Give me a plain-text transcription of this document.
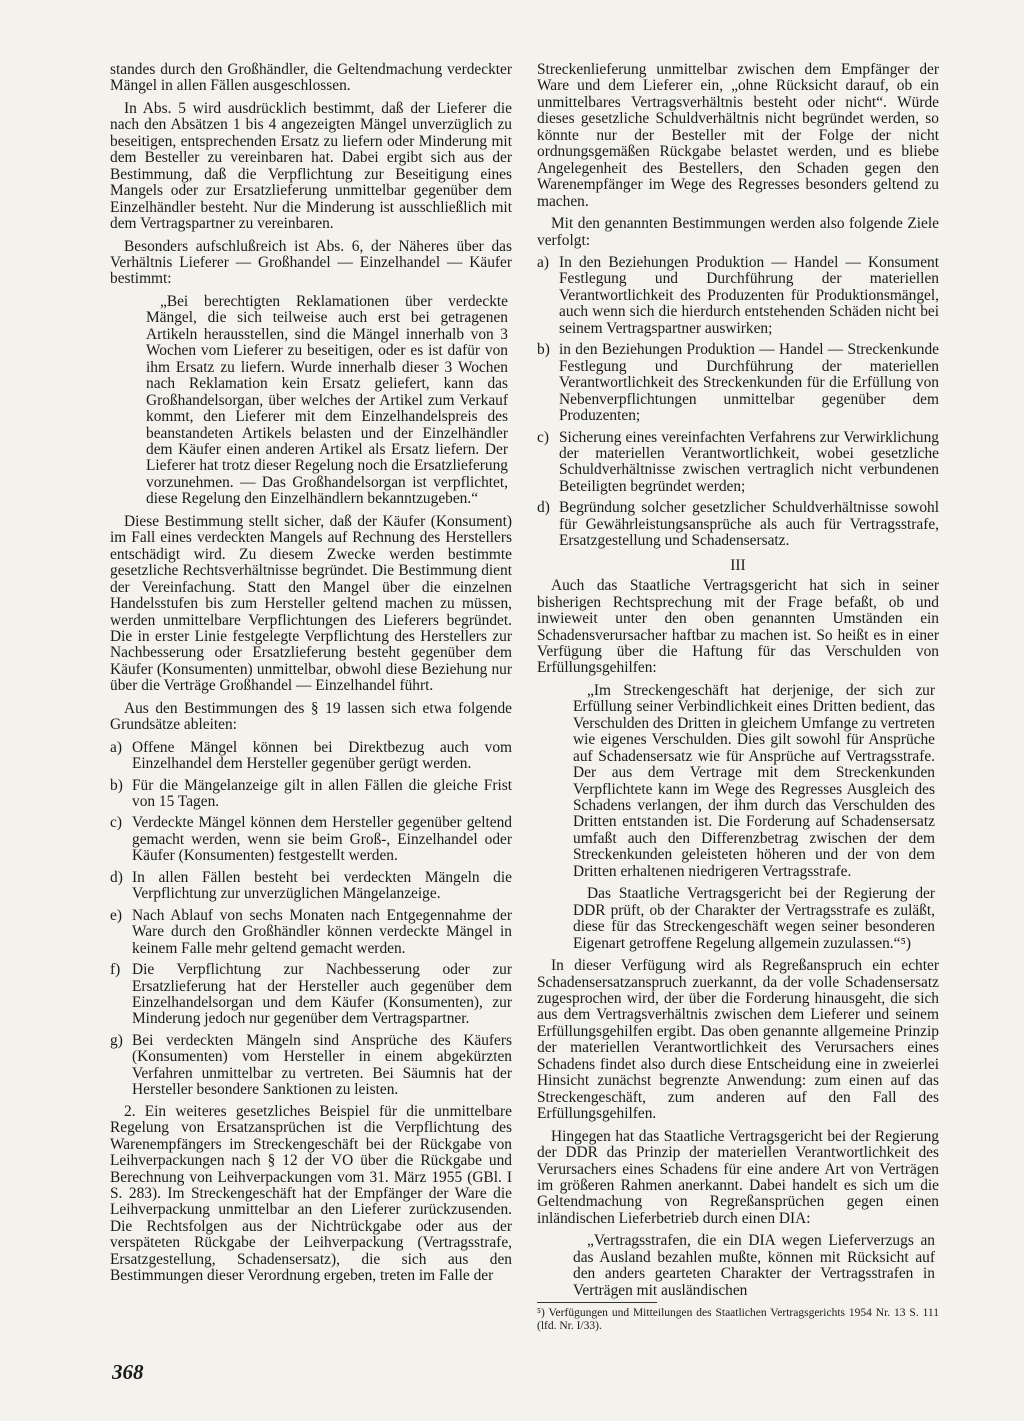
standes durch den Großhändler, die Geltendmachung verdeckter Mängel in allen Fällen ausgeschlossen.

In Abs. 5 wird ausdrücklich bestimmt, daß der Lieferer die nach den Absätzen 1 bis 4 angezeigten Mängel unverzüglich zu beseitigen, entsprechenden Ersatz zu liefern oder Minderung mit dem Besteller zu vereinbaren hat. Dabei ergibt sich aus der Bestimmung, daß die Verpflichtung zur Beseitigung eines Mangels oder zur Ersatzlieferung unmittelbar gegenüber dem Einzelhändler besteht. Nur die Minderung ist ausschließlich mit dem Vertragspartner zu vereinbaren.

Besonders aufschlußreich ist Abs. 6, der Näheres über das Verhältnis Lieferer — Großhandel — Einzelhandel — Käufer bestimmt:

„Bei berechtigten Reklamationen über verdeckte Mängel, die sich teilweise auch erst bei getragenen Artikeln herausstellen, sind die Mängel innerhalb von 3 Wochen vom Lieferer zu beseitigen, oder es ist dafür von ihm Ersatz zu liefern. Wurde innerhalb dieser 3 Wochen nach Reklamation kein Ersatz geliefert, kann das Großhandelsorgan, über welches der Artikel zum Verkauf kommt, den Lieferer mit dem Einzelhandelspreis des beanstandeten Artikels belasten und der Einzelhändler dem Käufer einen anderen Artikel als Ersatz liefern. Der Lieferer hat trotz dieser Regelung noch die Ersatzlieferung vorzunehmen. — Das Großhandelsorgan ist verpflichtet, diese Regelung den Einzelhändlern bekanntzugeben.“

Diese Bestimmung stellt sicher, daß der Käufer (Konsument) im Fall eines verdeckten Mangels auf Rechnung des Herstellers entschädigt wird. Zu diesem Zwecke werden bestimmte gesetzliche Rechtsverhältnisse begründet. Die Bestimmung dient der Vereinfachung. Statt den Mangel über die einzelnen Handelsstufen bis zum Hersteller geltend machen zu müssen, werden unmittelbare Verpflichtungen des Lieferers begründet. Die in erster Linie festgelegte Verpflichtung des Herstellers zur Nachbesserung oder Ersatzlieferung besteht gegenüber dem Käufer (Konsumenten) unmittelbar, obwohl diese Beziehung nur über die Verträge Großhandel — Einzelhandel führt.

Aus den Bestimmungen des § 19 lassen sich etwa folgende Grundsätze ableiten:

a) Offene Mängel können bei Direktbezug auch vom Einzelhandel dem Hersteller gegenüber gerügt werden.
b) Für die Mängelanzeige gilt in allen Fällen die gleiche Frist von 15 Tagen.
c) Verdeckte Mängel können dem Hersteller gegenüber geltend gemacht werden, wenn sie beim Groß-, Einzelhandel oder Käufer (Konsumenten) festgestellt werden.
d) In allen Fällen besteht bei verdeckten Mängeln die Verpflichtung zur unverzüglichen Mängelanzeige.
e) Nach Ablauf von sechs Monaten nach Entgegennahme der Ware durch den Großhändler können verdeckte Mängel in keinem Falle mehr geltend gemacht werden.
f) Die Verpflichtung zur Nachbesserung oder zur Ersatzlieferung hat der Hersteller auch gegenüber dem Einzelhandelsorgan und dem Käufer (Konsumenten), zur Minderung jedoch nur gegenüber dem Vertragspartner.
g) Bei verdeckten Mängeln sind Ansprüche des Käufers (Konsumenten) vom Hersteller in einem abgekürzten Verfahren unmittelbar zu vertreten. Bei Säumnis hat der Hersteller besondere Sanktionen zu leisten.

2. Ein weiteres gesetzliches Beispiel für die unmittelbare Regelung von Ersatzansprüchen ist die Verpflichtung des Warenempfängers im Streckengeschäft bei der Rückgabe von Leihverpackungen nach § 12 der VO über die Rückgabe und Berechnung von Leihverpackungen vom 31. März 1955 (GBl. I S. 283). Im Streckengeschäft hat der Empfänger der Ware die Leihverpackung unmittelbar an den Lieferer zurückzusenden. Die Rechtsfolgen aus der Nichtrückgabe oder aus der verspäteten Rückgabe der Leihverpackung (Vertragsstrafe, Ersatzgestellung, Schadensersatz), die sich aus den Bestimmungen dieser Verordnung ergeben, treten im Falle der

Streckenlieferung unmittelbar zwischen dem Empfänger der Ware und dem Lieferer ein, „ohne Rücksicht darauf, ob ein unmittelbares Vertragsverhältnis besteht oder nicht“. Würde dieses gesetzliche Schuldverhältnis nicht begründet werden, so könnte nur der Besteller mit der Folge der nicht ordnungsgemäßen Rückgabe belastet werden, und es bliebe Angelegenheit des Bestellers, den Schaden gegen den Warenempfänger im Wege des Regresses besonders geltend zu machen.

Mit den genannten Bestimmungen werden also folgende Ziele verfolgt:

a) In den Beziehungen Produktion — Handel — Konsument Festlegung und Durchführung der materiellen Verantwortlichkeit des Produzenten für Produktionsmängel, auch wenn sich die hierdurch entstehenden Schäden nicht bei seinem Vertragspartner auswirken;
b) in den Beziehungen Produktion — Handel — Streckenkunde Festlegung und Durchführung der materiellen Verantwortlichkeit des Streckenkunden für die Erfüllung von Nebenverpflichtungen unmittelbar gegenüber dem Produzenten;
c) Sicherung eines vereinfachten Verfahrens zur Verwirklichung der materiellen Verantwortlichkeit, wobei gesetzliche Schuldverhältnisse zwischen vertraglich nicht verbundenen Beteiligten begründet werden;
d) Begründung solcher gesetzlicher Schuldverhältnisse sowohl für Gewährleistungsansprüche als auch für Vertragsstrafe, Ersatzgestellung und Schadensersatz.
III

Auch das Staatliche Vertragsgericht hat sich in seiner bisherigen Rechtsprechung mit der Frage befaßt, ob und inwieweit unter den oben genannten Umständen ein Schadensverursacher haftbar zu machen ist. So heißt es in einer Verfügung über die Haftung für das Verschulden von Erfüllungsgehilfen:

„Im Streckengeschäft hat derjenige, der sich zur Erfüllung seiner Verbindlichkeit eines Dritten bedient, das Verschulden des Dritten in gleichem Umfange zu vertreten wie eigenes Verschulden. Dies gilt sowohl für Ansprüche auf Schadensersatz wie für Ansprüche auf Vertragsstrafe. Der aus dem Vertrage mit dem Streckenkunden Verpflichtete kann im Wege des Regresses Ausgleich des Schadens verlangen, der ihm durch das Verschulden des Dritten entstanden ist. Die Forderung auf Schadensersatz umfaßt auch den Differenzbetrag zwischen der dem Streckenkunden geleisteten höheren und der von dem Dritten erhaltenen niedrigeren Vertragsstrafe.

Das Staatliche Vertragsgericht bei der Regierung der DDR prüft, ob der Charakter der Vertragsstrafe es zuläßt, diese für das Streckengeschäft wegen seiner besonderen Eigenart getroffene Regelung allgemein zuzulassen.“⁵)

In dieser Verfügung wird als Regreßanspruch ein echter Schadensersatzanspruch zuerkannt, da der volle Schadensersatz zugesprochen wird, der über die Forderung hinausgeht, die sich aus dem Vertragsverhältnis zwischen dem Lieferer und seinem Erfüllungsgehilfen ergibt. Das oben genannte allgemeine Prinzip der materiellen Verantwortlichkeit des Verursachers eines Schadens findet also durch diese Entscheidung eine in zweierlei Hinsicht zunächst begrenzte Anwendung: zum einen auf das Streckengeschäft, zum anderen auf den Fall des Erfüllungsgehilfen.

Hingegen hat das Staatliche Vertragsgericht bei der Regierung der DDR das Prinzip der materiellen Verantwortlichkeit des Verursachers eines Schadens für eine andere Art von Verträgen im größeren Rahmen anerkannt. Dabei handelt es sich um die Geltendmachung von Regreßansprüchen gegen einen inländischen Lieferbetrieb durch einen DIA:

„Vertragsstrafen, die ein DIA wegen Lieferverzugs an das Ausland bezahlen mußte, können mit Rücksicht auf den anders gearteten Charakter der Vertragsstrafen in Verträgen mit ausländischen

⁵) Verfügungen und Mitteilungen des Staatlichen Vertragsgerichts 1954 Nr. 13 S. 111 (lfd. Nr. I/33).
368
